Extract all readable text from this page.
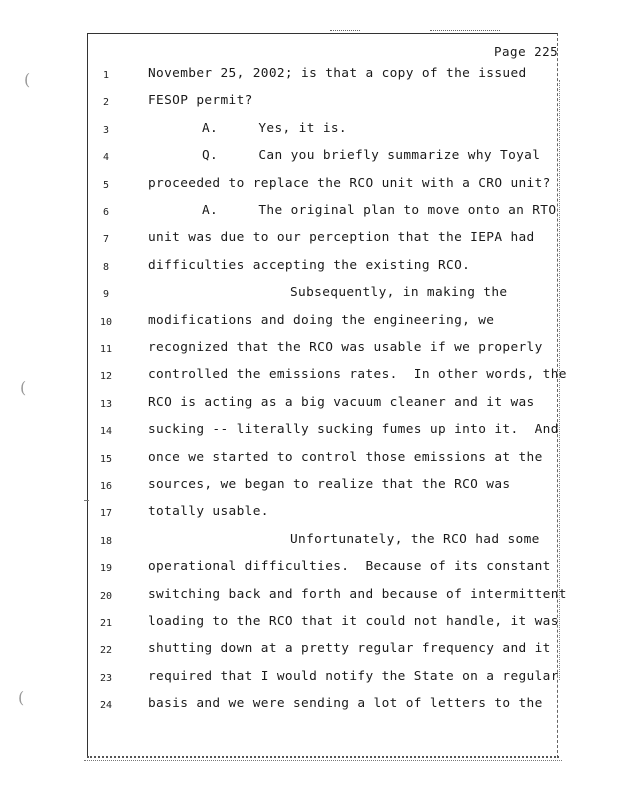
(
(
(
Page 225
1	November 25, 2002; is that a copy of the issued
2	FESOP permit?
3	A.     Yes, it is.
4	Q.     Can you briefly summarize why Toyal
5	proceeded to replace the RCO unit with a CRO unit?
6	A.     The original plan to move onto an RTO
7	unit was due to our perception that the IEPA had
8	difficulties accepting the existing RCO.
9	Subsequently, in making the
10	modifications and doing the engineering, we
11	recognized that the RCO was usable if we properly
12	controlled the emissions rates.  In other words, the
13	RCO is acting as a big vacuum cleaner and it was
14	sucking -- literally sucking fumes up into it.  And
15	once we started to control those emissions at the
16	sources, we began to realize that the RCO was
17	totally usable.
18	Unfortunately, the RCO had some
19	operational difficulties.  Because of its constant
20	switching back and forth and because of intermittent
21	loading to the RCO that it could not handle, it was
22	shutting down at a pretty regular frequency and it
23	required that I would notify the State on a regular
24	basis and we were sending a lot of letters to the
